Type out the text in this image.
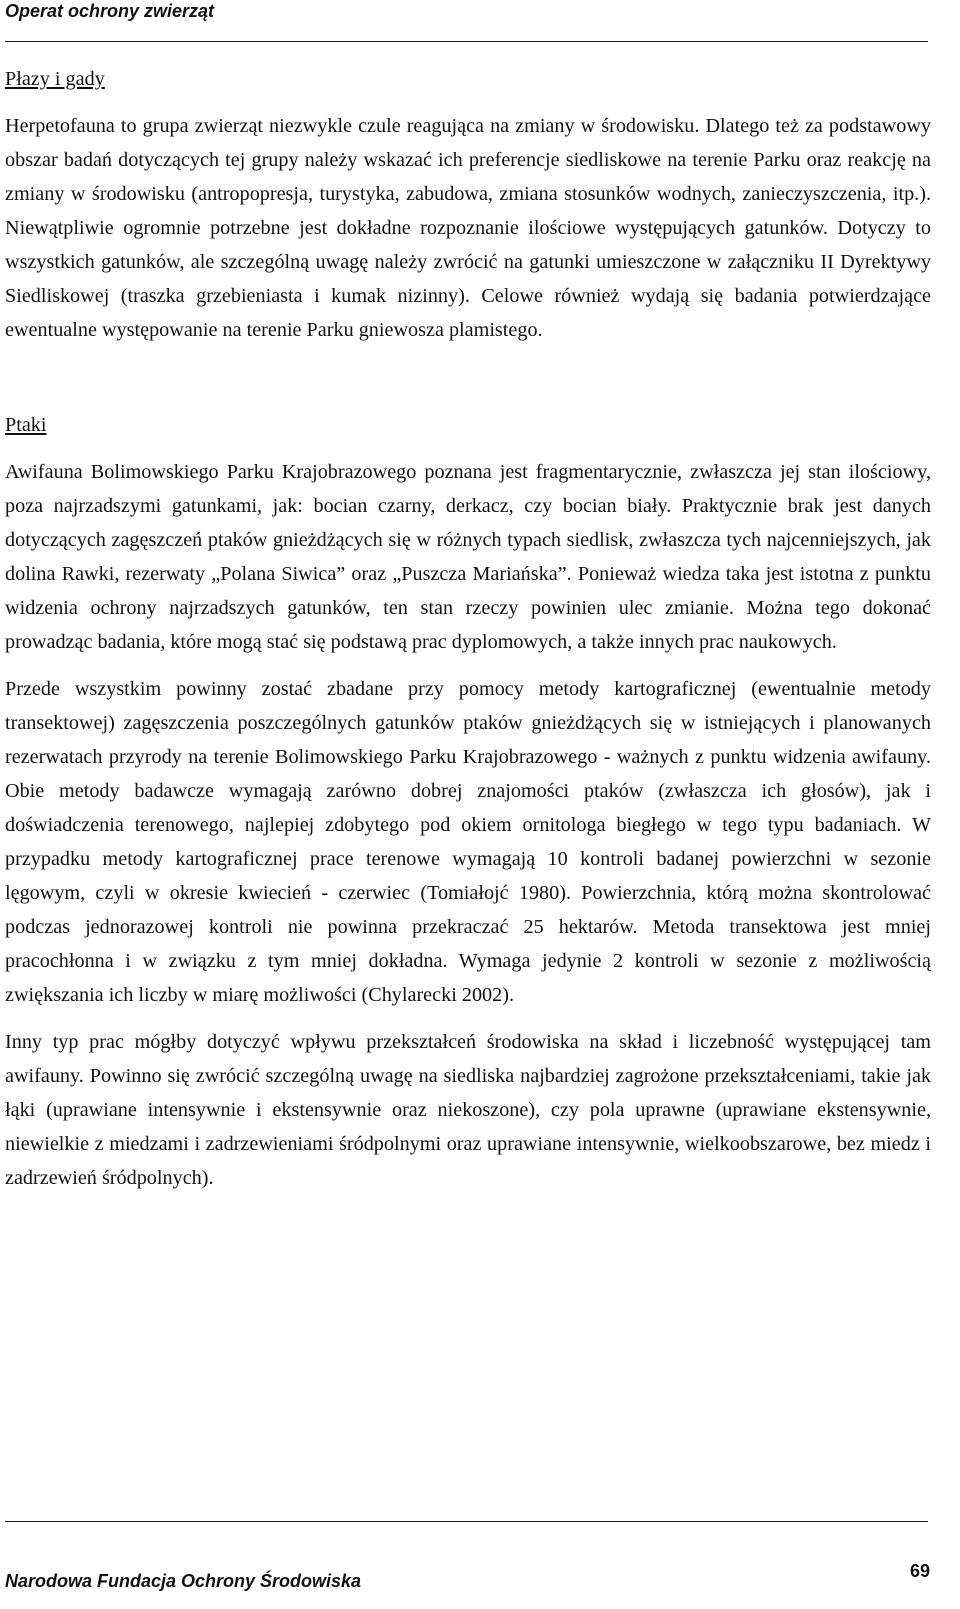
Operat ochrony zwierząt
Płazy i gady

Herpetofauna to grupa zwierząt niezwykle czule reagująca na zmiany w środowisku. Dlatego też za podstawowy obszar badań dotyczących tej grupy należy wskazać ich preferencje siedliskowe na terenie Parku oraz reakcję na zmiany w środowisku (antropopresja, turystyka, zabudowa, zmiana stosunków wodnych, zanieczyszczenia, itp.). Niewątpliwie ogromnie potrzebne jest dokładne rozpoznanie ilościowe występujących gatunków. Dotyczy to wszystkich gatunków, ale szczególną uwagę należy zwrócić na gatunki umieszczone w załączniku II Dyrektywy Siedliskowej (traszka grzebieniasta i kumak nizinny). Celowe również wydają się badania potwierdzające ewentualne występowanie na terenie Parku gniewosza plamistego.

Ptaki

Awifauna Bolimowskiego Parku Krajobrazowego poznana jest fragmentarycznie, zwłaszcza jej stan ilościowy, poza najrzadszymi gatunkami, jak: bocian czarny, derkacz, czy bocian biały. Praktycznie brak jest danych dotyczących zagęszczeń ptaków gnieżdżących się w różnych typach siedlisk, zwłaszcza tych najcenniejszych, jak dolina Rawki, rezerwaty „Polana Siwica” oraz „Puszcza Mariańska”. Ponieważ wiedza taka jest istotna z punktu widzenia ochrony najrzadszych gatunków, ten stan rzeczy powinien ulec zmianie. Można tego dokonać prowadząc badania, które mogą stać się podstawą prac dyplomowych, a także innych prac naukowych.

Przede wszystkim powinny zostać zbadane przy pomocy metody kartograficznej (ewentualnie metody transektowej) zagęszczenia poszczególnych gatunków ptaków gnieżdżących się w istniejących i planowanych rezerwatach przyrody na terenie Bolimowskiego Parku Krajobrazowego - ważnych z punktu widzenia awifauny. Obie metody badawcze wymagają zarówno dobrej znajomości ptaków (zwłaszcza ich głosów), jak i doświadczenia terenowego, najlepiej zdobytego pod okiem ornitologa biegłego w tego typu badaniach. W przypadku metody kartograficznej prace terenowe wymagają 10 kontroli badanej powierzchni w sezonie lęgowym, czyli w okresie kwiecień - czerwiec (Tomiałojć 1980). Powierzchnia, którą można skontrolować podczas jednorazowej kontroli nie powinna przekraczać 25 hektarów. Metoda transektowa jest mniej pracochłonna i w związku z tym mniej dokładna. Wymaga jedynie 2 kontroli w sezonie z możliwością zwiększania ich liczby w miarę możliwości (Chylarecki 2002).

Inny typ prac mógłby dotyczyć wpływu przekształceń środowiska na skład i liczebność występującej tam awifauny. Powinno się zwrócić szczególną uwagę na siedliska najbardziej zagrożone przekształceniami, takie jak łąki (uprawiane intensywnie i ekstensywnie oraz niekoszone), czy pola uprawne (uprawiane ekstensywnie, niewielkie z miedzami i zadrzewieniami śródpolnymi oraz uprawiane intensywnie, wielkoobszarowe, bez miedz i zadrzewień śródpolnych).

Narodowa Fundacja Ochrony Środowiska	69
